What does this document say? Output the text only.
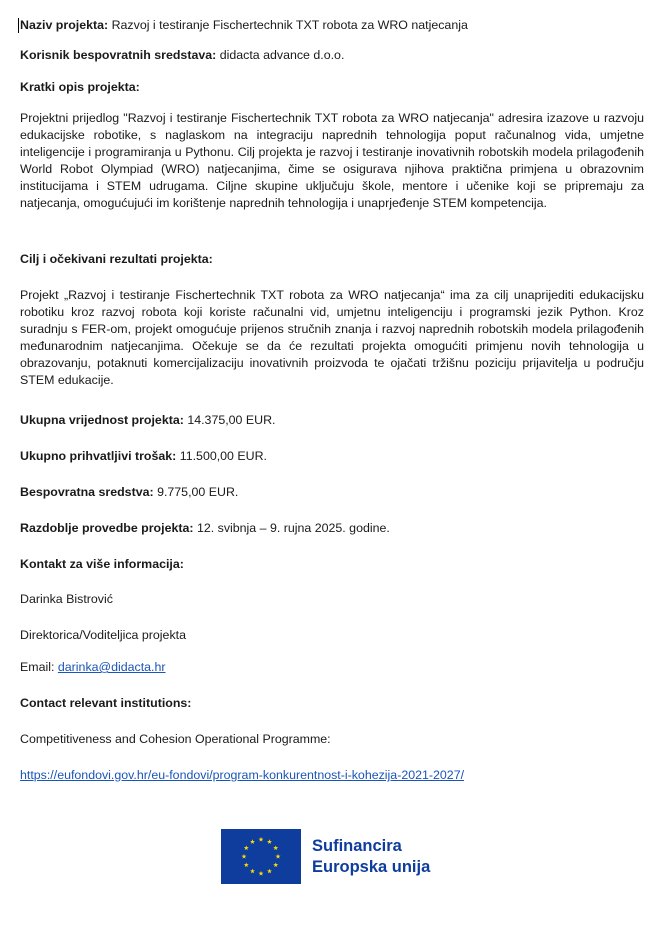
Naziv projekta: Razvoj i testiranje Fischertechnik TXT robota za WRO natjecanja
Korisnik bespovratnih sredstava: didacta advance d.o.o.
Kratki opis projekta:
Projektni prijedlog "Razvoj i testiranje Fischertechnik TXT robota za WRO natjecanja" adresira izazove u razvoju edukacijske robotike, s naglaskom na integraciju naprednih tehnologija poput računalnog vida, umjetne inteligencije i programiranja u Pythonu. Cilj projekta je razvoj i testiranje inovativnih robotskih modela prilagođenih World Robot Olympiad (WRO) natjecanjima, čime se osigurava njihova praktična primjena u obrazovnim institucijama i STEM udrugama. Ciljne skupine uključuju škole, mentore i učenike koji se pripremaju za natjecanja, omogućujući im korištenje naprednih tehnologija i unaprjeđenje STEM kompetencija.
Cilj i očekivani rezultati projekta:
Projekt „Razvoj i testiranje Fischertechnik TXT robota za WRO natjecanja“ ima za cilj unaprijediti edukacijsku robotiku kroz razvoj robota koji koriste računalni vid, umjetnu inteligenciju i programski jezik Python. Kroz suradnju s FER-om, projekt omogućuje prijenos stručnih znanja i razvoj naprednih robotskih modela prilagođenih međunarodnim natjecanjima. Očekuje se da će rezultati projekta omogućiti primjenu novih tehnologija u obrazovanju, potaknuti komercijalizaciju inovativnih proizvoda te ojačati tržišnu poziciju prijavitelja u području STEM edukacije.
Ukupna vrijednost projekta: 14.375,00 EUR.
Ukupno prihvatljivi trošak: 11.500,00 EUR.
Bespovratna sredstva: 9.775,00 EUR.
Razdoblje provedbe projekta: 12. svibnja – 9. rujna 2025. godine.
Kontakt za više informacija:
Darinka Bistrović
Direktorica/Voditeljica projekta
Email: darinka@didacta.hr
Contact relevant institutions:
Competitiveness and Cohesion Operational Programme:
https://eufondovi.gov.hr/eu-fondovi/program-konkurentnost-i-kohezija-2021-2027/
Sufinancira
Europska unija
